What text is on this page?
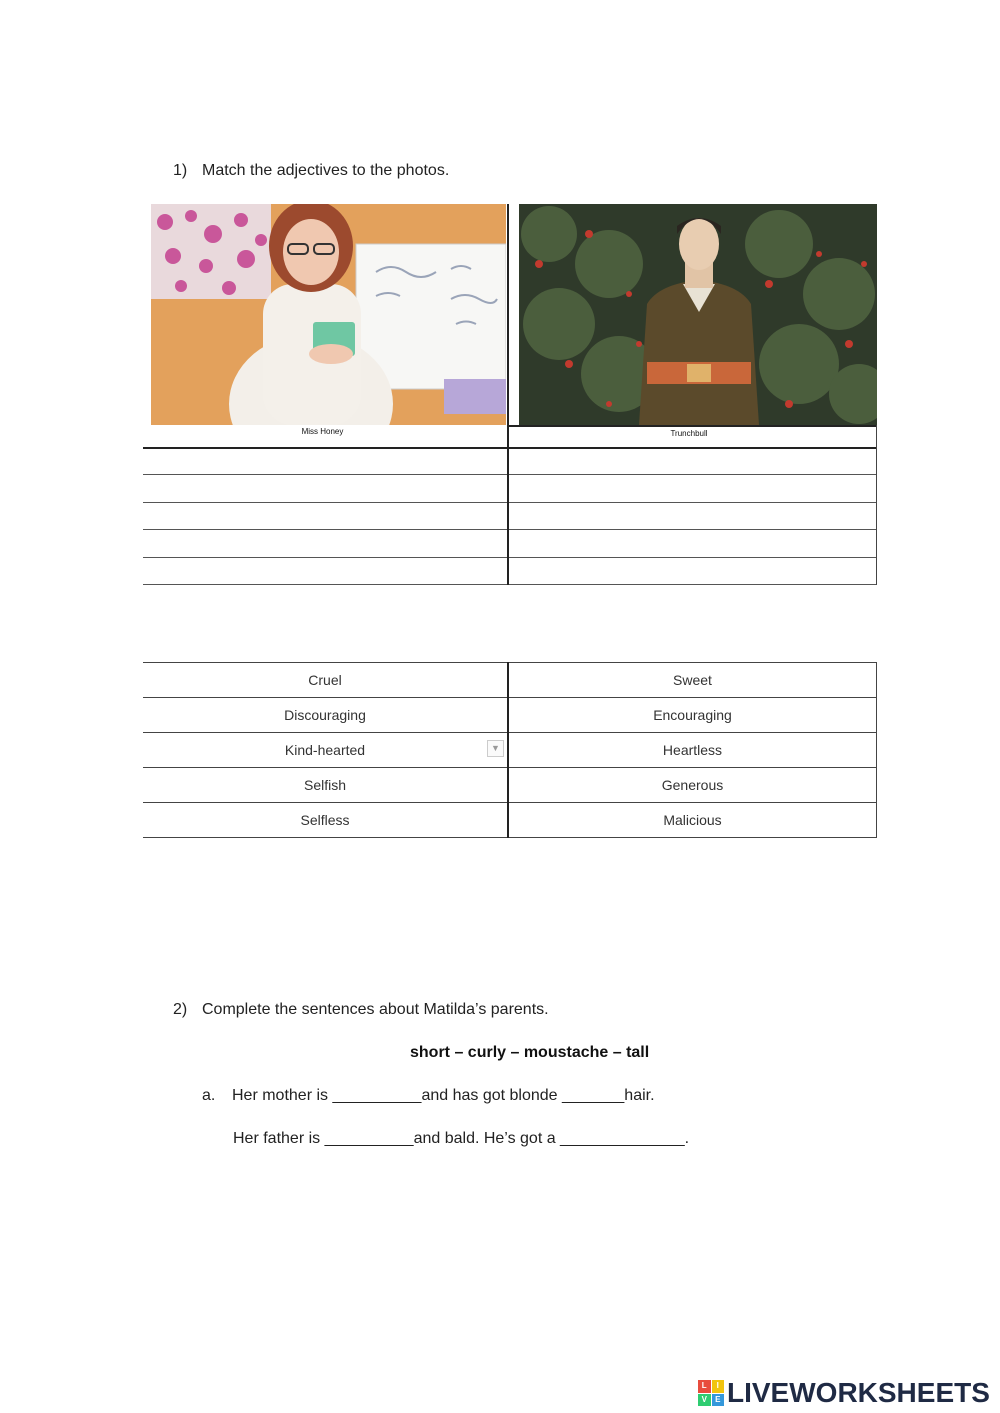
1) Match the adjectives to the photos.
Miss Honey	Trunchbull
Cruel	Sweet
Discouraging	Encouraging
Kind-hearted ▼	Heartless
Selfish	Generous
Selfless	Malicious
2) Complete the sentences about Matilda’s parents.
short – curly – moustache – tall
a. Her mother is __________and has got blonde _______hair.
Her father is __________and bald. He’s got a ______________.
L	I
V	E LIVEWORKSHEETS
